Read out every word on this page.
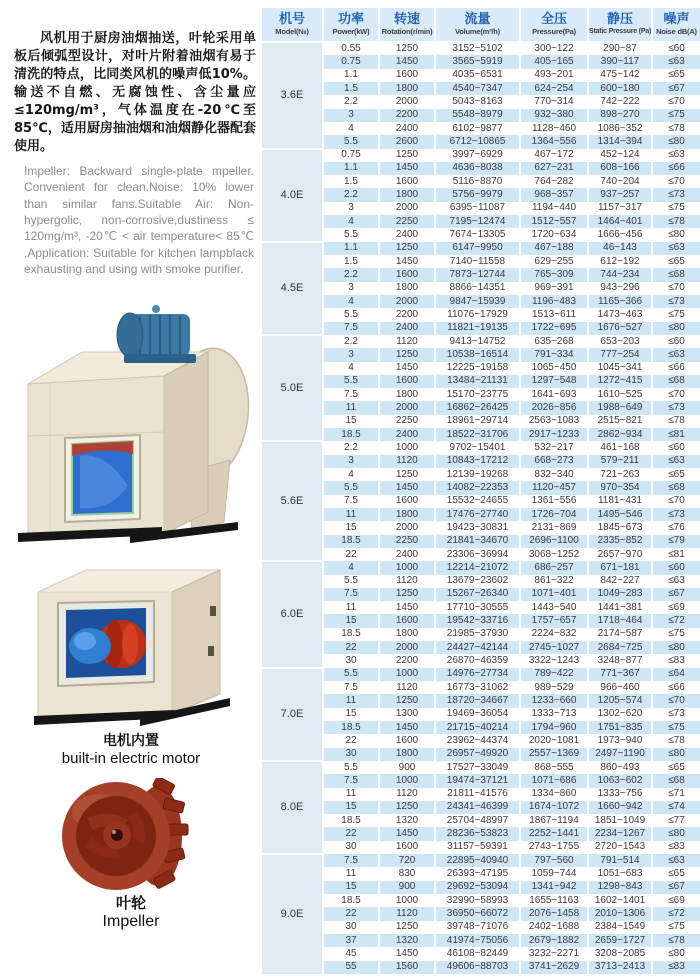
风机用于厨房油烟抽送，叶轮采用单板后倾弧型设计，对叶片附着油烟有易于清洗的特点，比同类风机的噪声低10%。输送不自燃、无腐蚀性、含尘量应≤120mg/m³，气体温度在-20℃至85℃，适用厨房抽油烟和油烟静化器配套使用。

Impeller: Backward single-plate mpeller. Convenient for clean.Noise: 10% lower than similar fans.Suitable Air: Non-hypergolic, non-corrosive,dustiness ≤ 120mg/m³, -20℃ < air temperature< 85℃ .Application: Suitable for kitchen lampblack exhausting and using with smoke purifier.

电机内置
built-in electric motor
叶轮
Impeller
机号
Model(№)

功率
Power(kW)

转速
Rotation(r/min)

流量
Volume(m³/h)

全压
Pressure(Pa)

静压
Static Pressure (Pa)

噪声
Noise dB(A)

3.6E	0.55	1250	3152~5102	300~122	290~87	≤60
	0.75	1450	3565~5919	405~165	390~117	≤63
	1.1	1600	4035~6531	493~201	475~142	≤65
	1.5	1800	4540~7347	624~254	600~180	≤67
	2.2	2000	5043~8163	770~314	742~222	≤70
	3	2200	5548~8979	932~380	898~270	≤75
	4	2400	6102~9877	1128~460	1086~352	≤78
	5.5	2600	6712~10865	1364~556	1314~394	≤80
4.0E	0.75	1250	3997~6929	467~172	452~124	≤63
	1.1	1450	4636~8038	627~231	608~166	≤66
	1.5	1600	5116~8870	764~282	740~204	≤70
	2.2	1800	5756~9979	968~357	937~257	≤73
	3	2000	6395~11087	1194~440	1157~317	≤75
	4	2250	7195~12474	1512~557	1464~401	≤78
	5.5	2400	7674~13305	1720~634	1666~456	≤80
4.5E	1.1	1250	6147~9950	467~188	46~143	≤63
	1.5	1450	7140~11558	629~255	612~192	≤65
	2.2	1600	7873~12744	765~309	744~234	≤68
	3	1800	8866~14351	969~391	943~296	≤70
	4	2000	9847~15939	1196~483	1165~366	≤73
	5.5	2200	11076~17929	1513~611	1473~463	≤75
	7.5	2400	11821~19135	1722~695	1676~527	≤80
5.0E	2.2	1120	9413~14752	635~268	653~203	≤60
	3	1250	10538~16514	791~334	777~254	≤63
	4	1450	12225~19158	1065~450	1045~341	≤66
	5.5	1600	13484~21131	1297~548	1272~415	≤68
	7.5	1800	15170~23775	1641~693	1610~525	≤70
	11	2000	16862~26425	2026~856	1988~649	≤73
	15	2250	18961~29714	2563~1083	2515~821	≤78
	18.5	2400	18522~31706	2917~1233	2862~934	≤81
5.6E	2.2	1000	9702~15401	532~217	461~168	≤60
	3	1120	10843~17212	668~273	579~211	≤63
	4	1250	12139~19268	832~340	721~263	≤65
	5.5	1450	14082~22353	1120~457	970~354	≤68
	7.5	1600	15532~24655	1361~556	1181~431	≤70
	11	1800	17476~27740	1726~704	1495~546	≤73
	15	2000	19423~30831	2131~869	1845~673	≤76
	18.5	2250	21841~34670	2696~1100	2335~852	≤79
	22	2400	23306~36994	3068~1252	2657~970	≤81
6.0E	4	1000	12214~21072	686~257	671~181	≤60
	5.5	1120	13679~23602	861~322	842~227	≤63
	7.5	1250	15267~26340	1071~401	1049~283	≤67
	11	1450	17710~30555	1443~540	1441~381	≤69
	15	1600	19542~33716	1757~657	1718~464	≤72
	18.5	1800	21985~37930	2224~832	2174~587	≤75
	22	2000	24427~42144	2745~1027	2684~725	≤80
	30	2200	26870~46359	3322~1243	3248~877	≤83
7.0E	5.5	1000	14976~27734	789~422	771~367	≤64
	7.5	1120	16773~31062	989~529	966~460	≤66
	11	1250	18720~34667	1233~660	1205~574	≤70
	15	1300	19469~36054	1333~713	1302~620	≤73
	18.5	1450	21715~40214	1794~960	1751~835	≤75
	22	1600	23962~44374	2020~1081	1973~940	≤78
	30	1800	26957~49920	2557~1369	2497~1190	≤80
8.0E	5.5	900	17527~33049	868~555	860~493	≤65
	7.5	1000	19474~37121	1071~686	1063~602	≤68
	11	1120	21811~41576	1334~860	1333~756	≤71
	15	1250	24341~46399	1674~1072	1660~942	≤74
	18.5	1320	25704~48997	1867~1194	1851~1049	≤77
	22	1450	28236~53823	2252~1441	2234~1267	≤80
	30	1600	31157~59391	2743~1755	2720~1543	≤83
9.0E	7.5	720	22895~40940	797~560	791~514	≤63
	11	830	26393~47195	1059~744	1051~683	≤65
	15	900	29692~53094	1341~942	1298~843	≤67
	18.5	1000	32990~58993	1655~1163	1602~1401	≤69
	22	1120	36950~66072	2076~1458	2010~1306	≤72
	30	1250	39748~71076	2402~1688	2384~1549	≤75
	37	1320	41974~75056	2679~1882	2659~1727	≤78
	45	1450	46108~82449	3232~2271	3208~2085	≤80
	55	1560	49606~88703	3741~2629	3713~2413	≤83
